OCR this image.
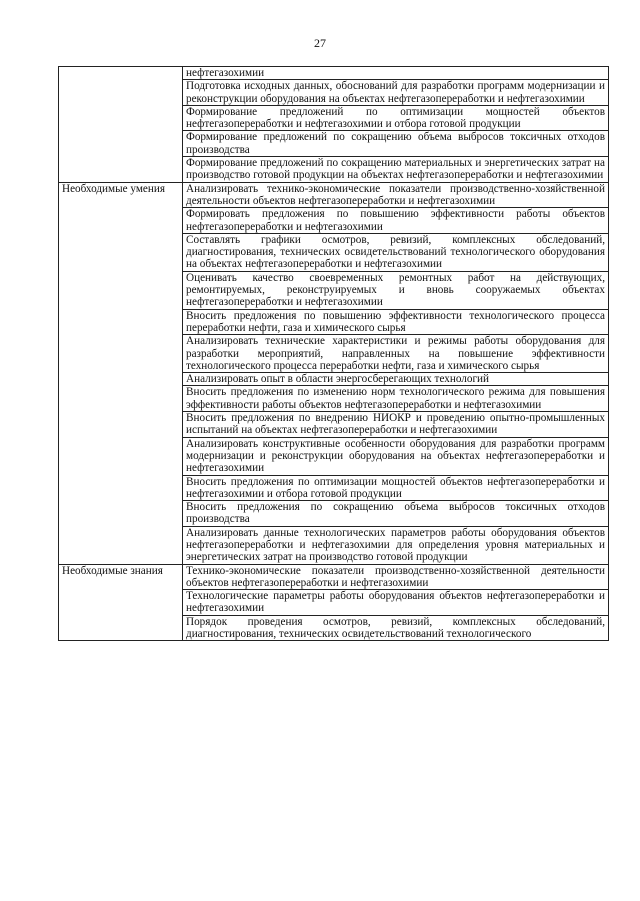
27
	нефтегазохимии
	Подготовка исходных данных, обоснований для разработки программ модернизации и реконструкции оборудования на объектах нефтегазопереработки и нефтегазохимии
	Формирование предложений по оптимизации мощностей объектов нефтегазопереработки и нефтегазохимии и отбора готовой продукции
	Формирование предложений по сокращению объема выбросов токсичных отходов производства
	Формирование предложений по сокращению материальных и энергетических затрат на производство готовой продукции на объектах нефтегазопереработки и нефтегазохимии
Необходимые умения	Анализировать технико-экономические показатели производственно-хозяйственной деятельности объектов нефтегазопереработки и нефтегазохимии
	Формировать предложения по повышению эффективности работы объектов нефтегазопереработки и нефтегазохимии
	Составлять графики осмотров, ревизий, комплексных обследований, диагностирования, технических освидетельствований технологического оборудования на объектах нефтегазопереработки и нефтегазохимии
	Оценивать качество своевременных ремонтных работ на действующих, ремонтируемых, реконструируемых и вновь сооружаемых объектах нефтегазопереработки и нефтегазохимии
	Вносить предложения по повышению эффективности технологического процесса переработки нефти, газа и химического сырья
	Анализировать технические характеристики и режимы работы оборудования для разработки мероприятий, направленных на повышение эффективности технологического процесса переработки нефти, газа и химического сырья
	Анализировать опыт в области энергосберегающих технологий
	Вносить предложения по изменению норм технологического режима для повышения эффективности работы объектов нефтегазопереработки и нефтегазохимии
	Вносить предложения по внедрению НИОКР и проведению опытно-промышленных испытаний на объектах нефтегазопереработки и нефтегазохимии
	Анализировать конструктивные особенности оборудования для разработки программ модернизации и реконструкции оборудования на объектах нефтегазопереработки и нефтегазохимии
	Вносить предложения по оптимизации мощностей объектов нефтегазопереработки и нефтегазохимии и отбора готовой продукции
	Вносить предложения по сокращению объема выбросов токсичных отходов производства
	Анализировать данные технологических параметров работы оборудования объектов нефтегазопереработки и нефтегазохимии для определения уровня материальных и энергетических затрат на производство готовой продукции
Необходимые знания	Технико-экономические показатели производственно-хозяйственной деятельности объектов нефтегазопереработки и нефтегазохимии
	Технологические параметры работы оборудования объектов нефтегазопереработки и нефтегазохимии
	Порядок проведения осмотров, ревизий, комплексных обследований, диагностирования, технических освидетельствований технологического
